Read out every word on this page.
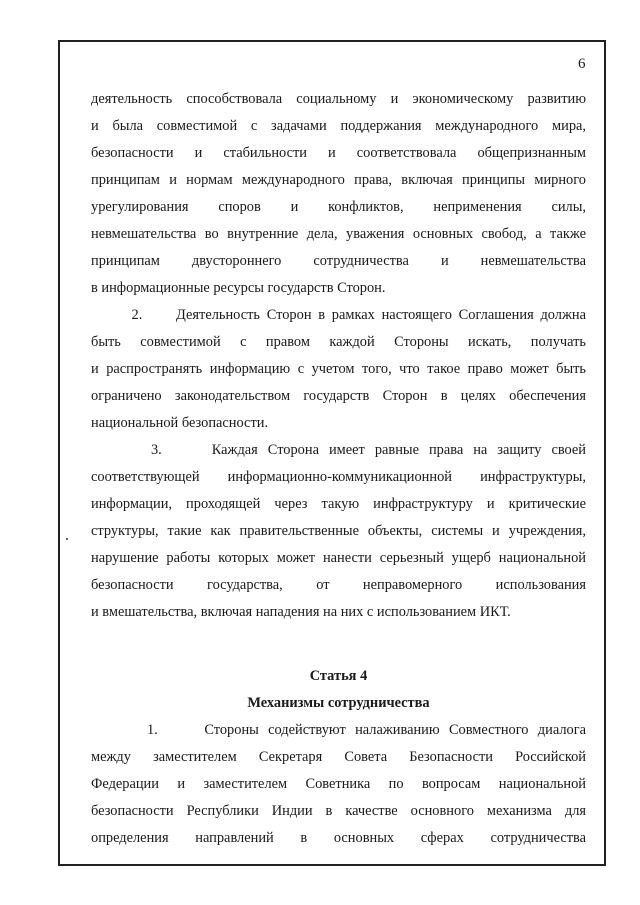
6
деятельность способствовала социальному и экономическому развитию
и была совместимой с задачами поддержания международного мира,
безопасности и стабильности и соответствовала общепризнанным
принципам и нормам международного права, включая принципы мирного
урегулирования споров и конфликтов, неприменения силы,
невмешательства во внутренние дела, уважения основных свобод, а также
принципам двустороннего сотрудничества и невмешательства
в информационные ресурсы государств Сторон.
2.     Деятельность Сторон в рамках настоящего Соглашения должна
быть совместимой с правом каждой Стороны искать, получать
и распространять информацию с учетом того, что такое право может быть
ограничено законодательством государств Сторон в целях обеспечения
национальной безопасности.
3.     Каждая Сторона имеет равные права на защиту своей
соответствующей информационно-коммуникационной инфраструктуры,
информации, проходящей через такую инфраструктуру и критические
структуры, такие как правительственные объекты, системы и учреждения,
нарушение работы которых может нанести серьезный ущерб национальной
безопасности государства, от неправомерного использования
и вмешательства, включая нападения на них с использованием ИКТ.
Статья 4
Механизмы сотрудничества
1.     Стороны содействуют налаживанию Совместного диалога
между заместителем Секретаря Совета Безопасности Российской
Федерации и заместителем Советника по вопросам национальной
безопасности Республики Индии в качестве основного механизма для
определения направлений в основных сферах сотрудничества
